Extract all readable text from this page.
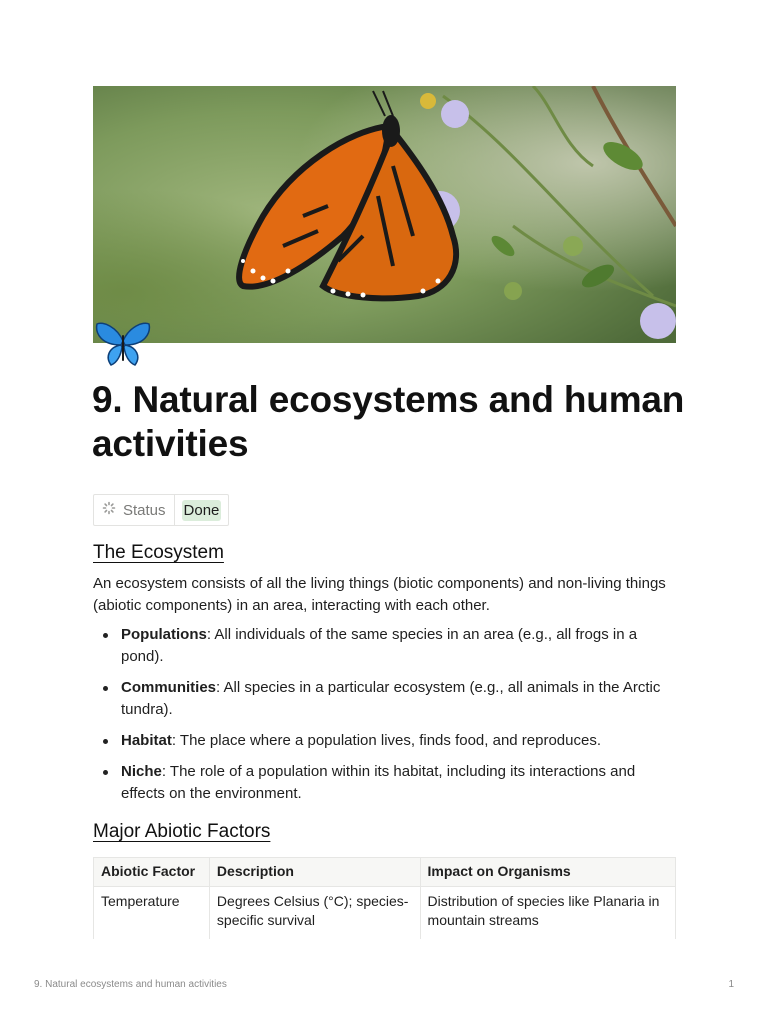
9. Natural ecosystems and human activities
Status Done
The Ecosystem

An ecosystem consists of all the living things (biotic components) and non-living things (abiotic components) in an area, interacting with each other.

Populations: All individuals of the same species in an area (e.g., all frogs in a pond).
Communities: All species in a particular ecosystem (e.g., all animals in the Arctic tundra).
Habitat: The place where a population lives, finds food, and reproduces.
Niche: The role of a population within its habitat, including its interactions and effects on the environment.
Major Abiotic Factors
Abiotic Factor	Description	Impact on Organisms
Temperature	Degrees Celsius (°C); species-specific survival	Distribution of species like Planaria in mountain streams
9. Natural ecosystems and human activities	1
